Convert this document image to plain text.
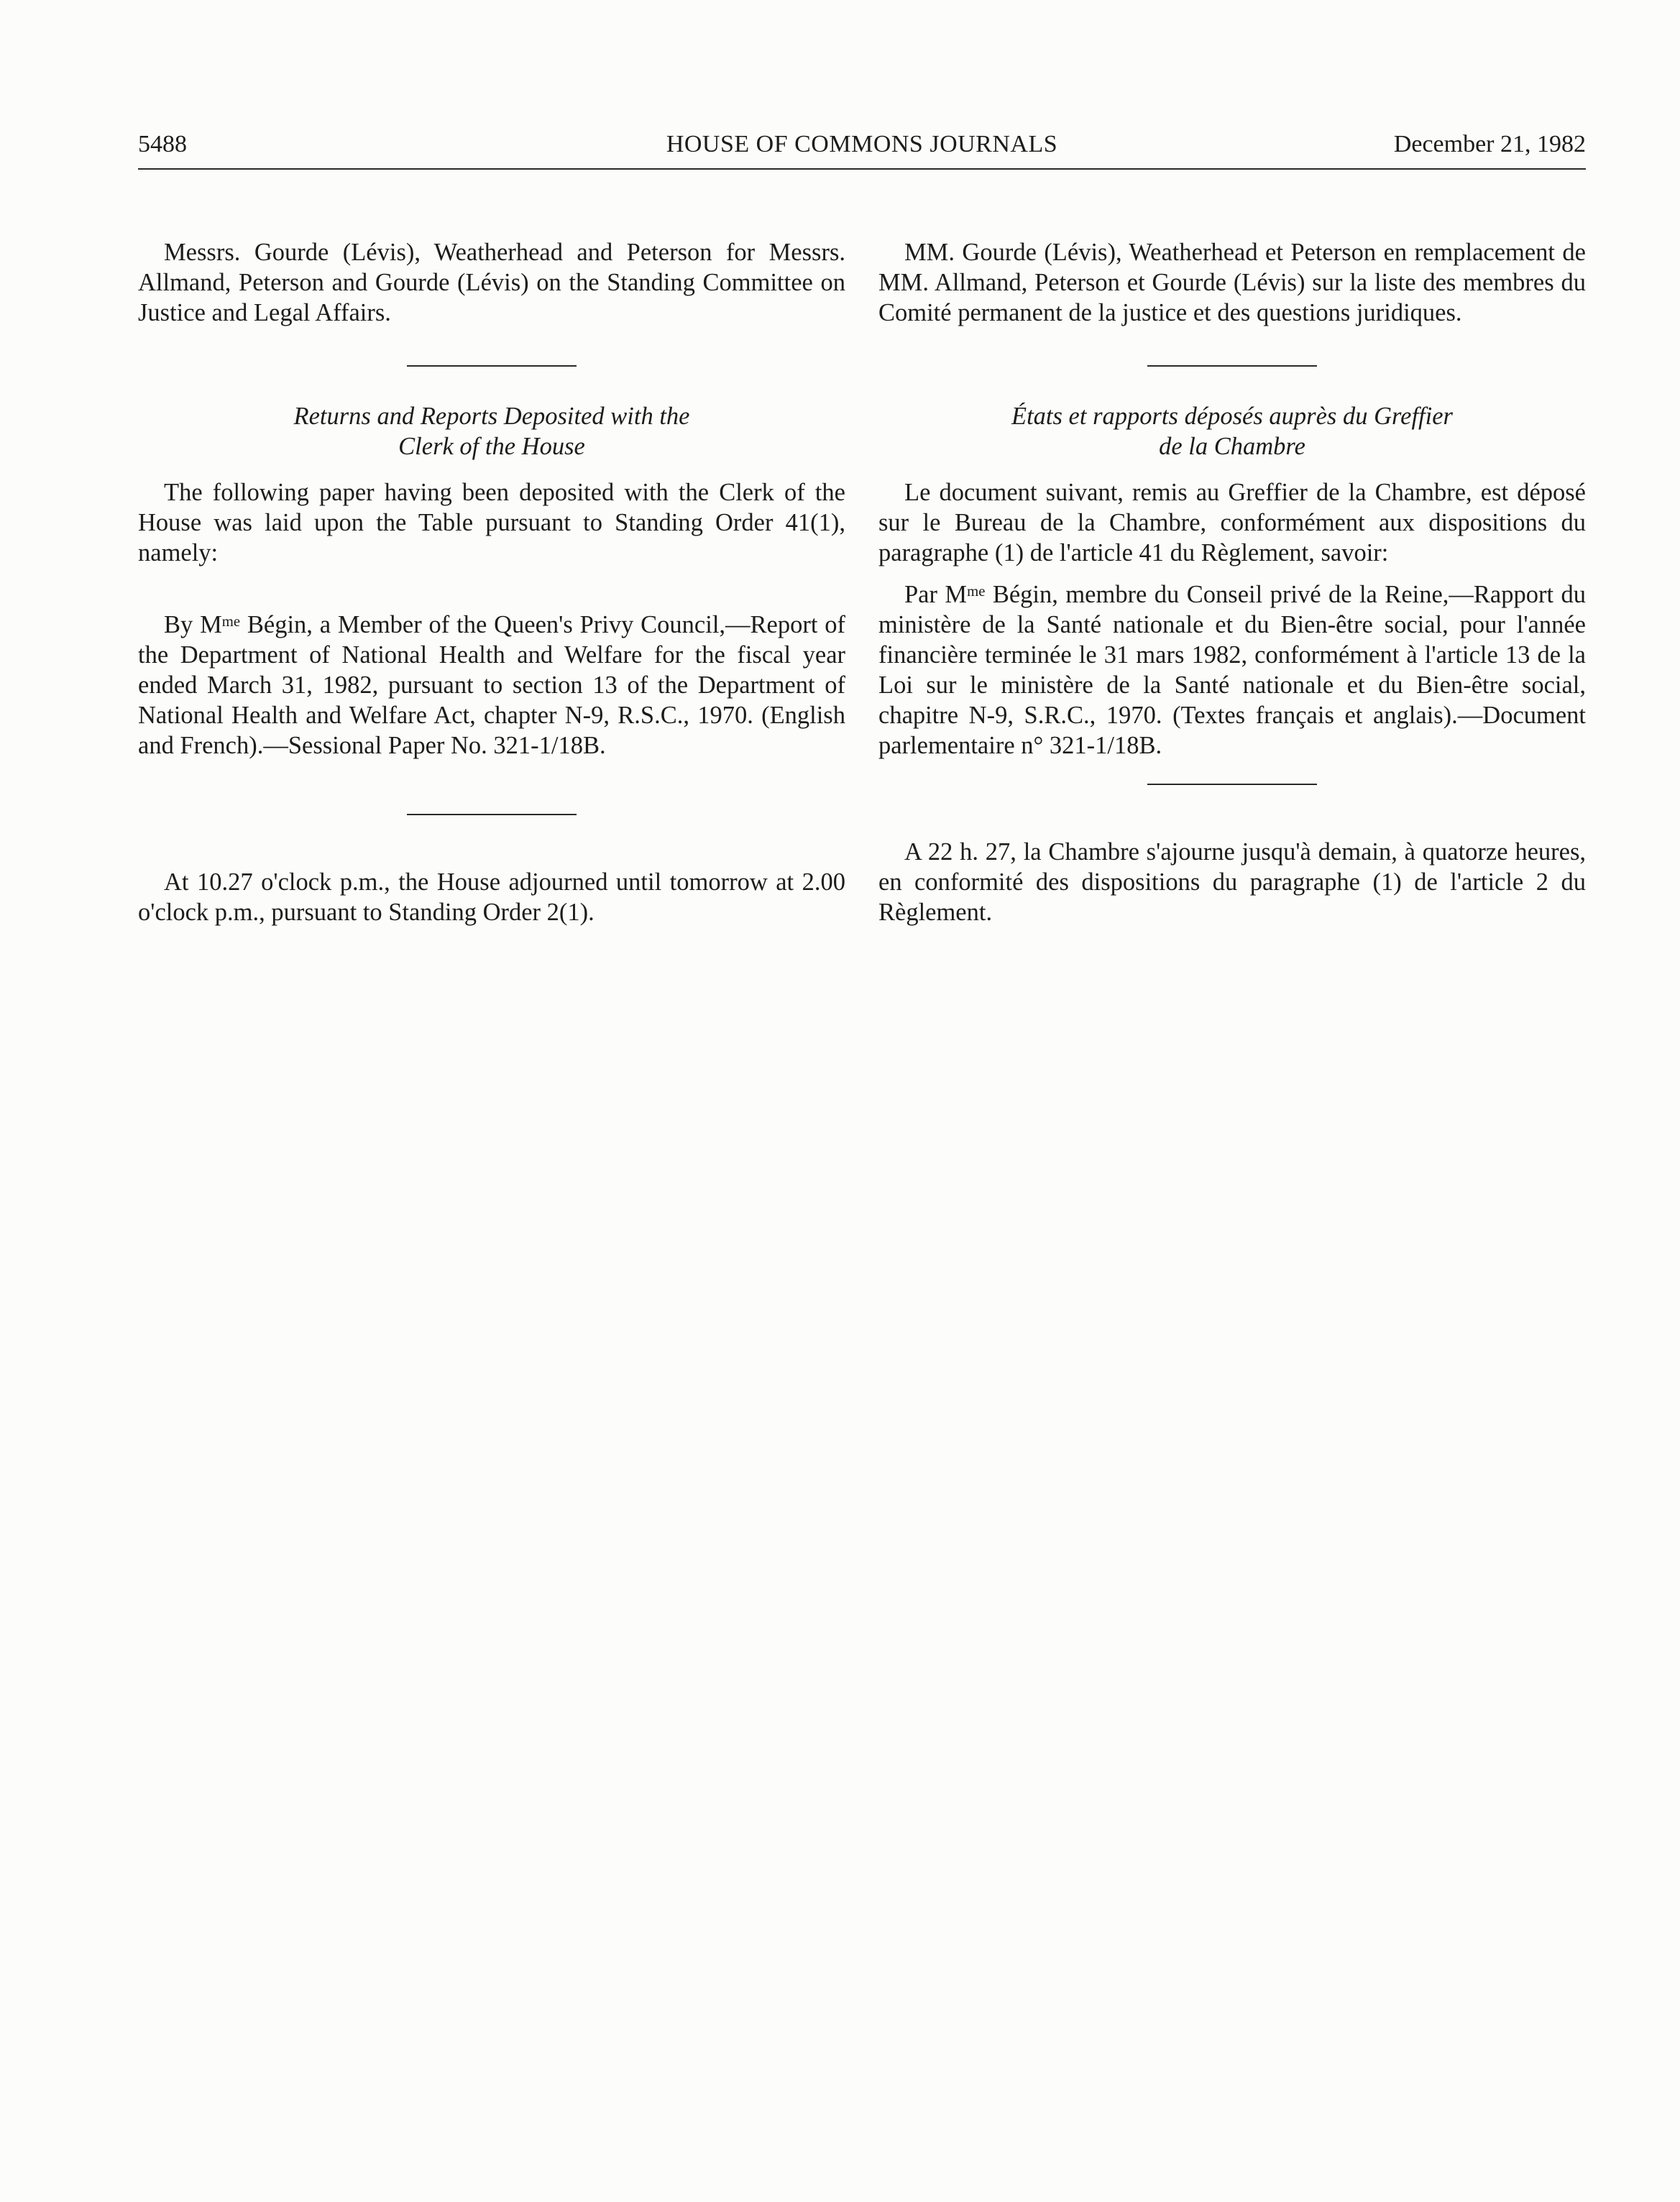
5488	HOUSE OF COMMONS JOURNALS	December 21, 1982

Messrs. Gourde (Lévis), Weatherhead and Peterson for Messrs. Allmand, Peterson and Gourde (Lévis) on the Standing Committee on Justice and Legal Affairs.

Returns and Reports Deposited with the
Clerk of the House

The following paper having been deposited with the Clerk of the House was laid upon the Table pursuant to Standing Order 41(1), namely:

By $M^{me}$ Bégin, a Member of the Queen's Privy Council,—Report of the Department of National Health and Welfare for the fiscal year ended March 31, 1982, pursuant to section 13 of the Department of National Health and Welfare Act, chapter N-9, R.S.C., 1970. (English and French).—Sessional Paper No. 321-1/18B.

At 10.27 o'clock p.m., the House adjourned until tomorrow at 2.00 o'clock p.m., pursuant to Standing Order 2(1).

MM. Gourde (Lévis), Weatherhead et Peterson en remplacement de MM. Allmand, Peterson et Gourde (Lévis) sur la liste des membres du Comité permanent de la justice et des questions juridiques.

États et rapports déposés auprès du Greffier
de la Chambre

Le document suivant, remis au Greffier de la Chambre, est déposé sur le Bureau de la Chambre, conformément aux dispositions du paragraphe (1) de l'article 41 du Règlement, savoir:

Par $M^{me}$ Bégin, membre du Conseil privé de la Reine,—Rapport du ministère de la Santé nationale et du Bien-être social, pour l'année financière terminée le 31 mars 1982, conformément à l'article 13 de la Loi sur le ministère de la Santé nationale et du Bien-être social, chapitre N-9, S.R.C., 1970. (Textes français et anglais).—Document parlementaire n° 321-1/18B.

A 22 h. 27, la Chambre s'ajourne jusqu'à demain, à quatorze heures, en conformité des dispositions du paragraphe (1) de l'article 2 du Règlement.
